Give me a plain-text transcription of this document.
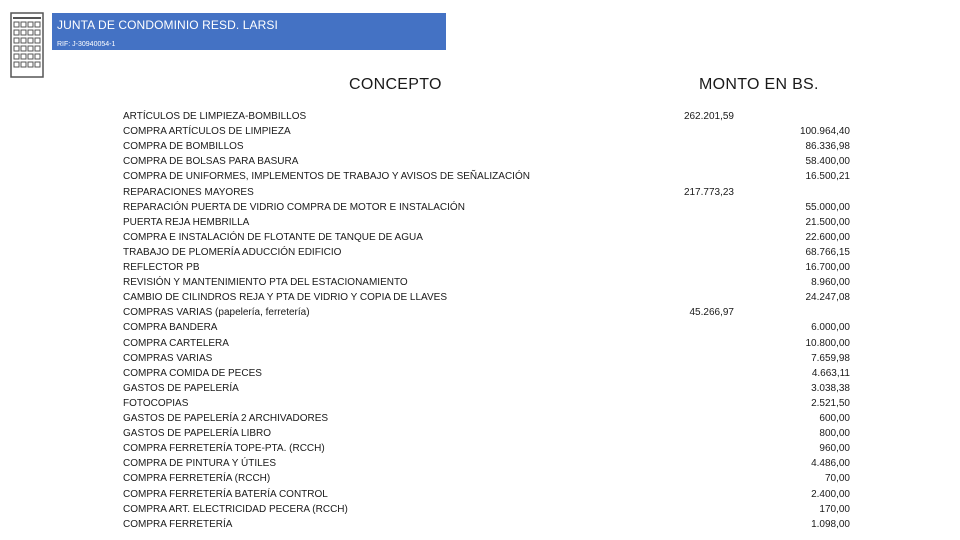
JUNTA DE CONDOMINIO RESD. LARSI
RIF: J-30940054-1
CONCEPTO	MONTO EN BS.
ARTÍCULOS DE LIMPIEZA-BOMBILLOS	262.201,59
COMPRA ARTÍCULOS DE LIMPIEZA	100.964,40
COMPRA DE BOMBILLOS	86.336,98
COMPRA DE BOLSAS PARA BASURA	58.400,00
COMPRA DE UNIFORMES, IMPLEMENTOS DE TRABAJO Y AVISOS DE SEÑALIZACIÓN	16.500,21
REPARACIONES MAYORES	217.773,23
REPARACIÓN PUERTA DE VIDRIO COMPRA DE MOTOR E INSTALACIÓN	55.000,00
PUERTA REJA HEMBRILLA	21.500,00
COMPRA E INSTALACIÓN DE FLOTANTE DE TANQUE DE AGUA	22.600,00
TRABAJO DE PLOMERÍA ADUCCIÓN EDIFICIO	68.766,15
REFLECTOR PB	16.700,00
REVISIÓN Y MANTENIMIENTO PTA DEL ESTACIONAMIENTO	8.960,00
CAMBIO DE CILINDROS REJA Y PTA DE VIDRIO Y COPIA DE LLAVES	24.247,08
COMPRAS VARIAS (papelería, ferretería)	45.266,97
COMPRA BANDERA	6.000,00
COMPRA CARTELERA	10.800,00
COMPRAS VARIAS	7.659,98
COMPRA COMIDA DE PECES	4.663,11
GASTOS DE PAPELERÍA	3.038,38
FOTOCOPIAS	2.521,50
GASTOS DE PAPELERÍA 2 ARCHIVADORES	600,00
GASTOS DE PAPELERÍA LIBRO	800,00
COMPRA FERRETERÍA TOPE-PTA. (RCCH)	960,00
COMPRA DE PINTURA Y ÚTILES	4.486,00
COMPRA FERRETERÍA (RCCH)	70,00
COMPRA FERRETERÍA BATERÍA CONTROL	2.400,00
COMPRA ART. ELECTRICIDAD PECERA (RCCH)	170,00
COMPRA FERRETERÍA	1.098,00
